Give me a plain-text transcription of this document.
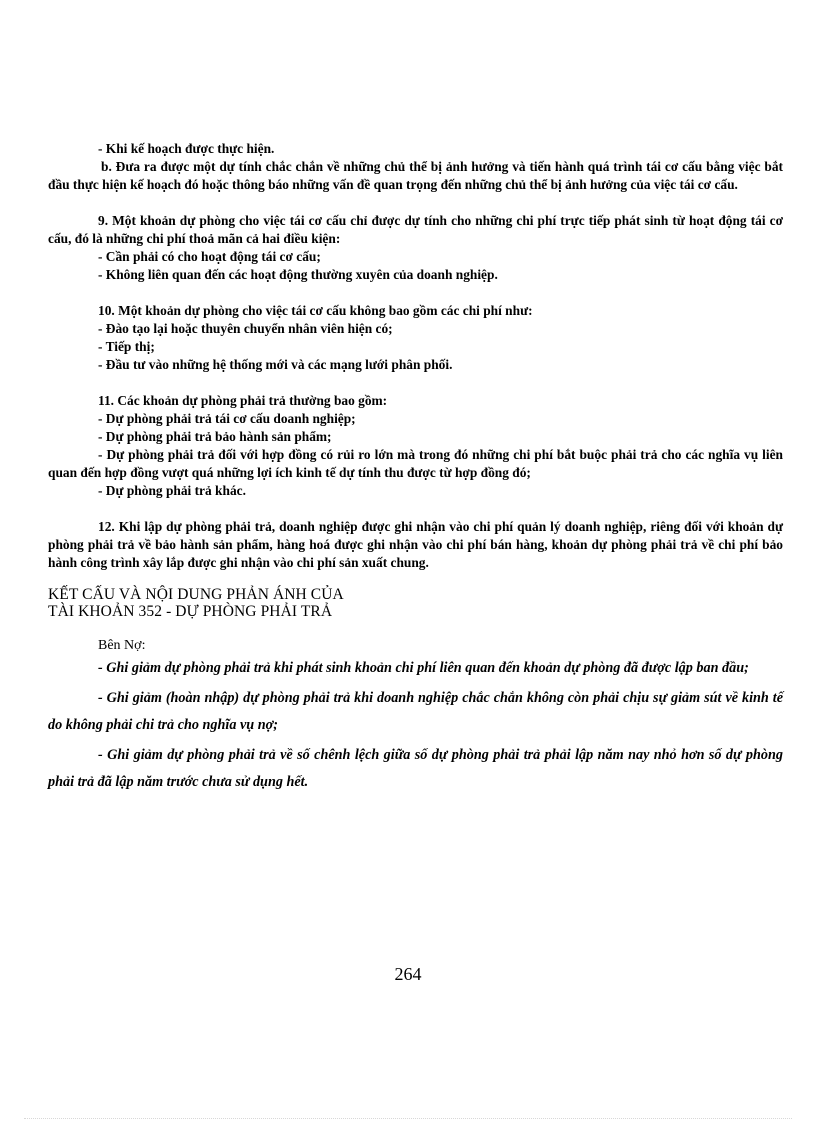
- Khi kế hoạch được thực hiện.

b. Đưa ra được một dự tính chắc chắn về những chủ thể bị ảnh hưởng và tiến hành quá trình tái cơ cấu bằng việc bắt đầu thực hiện kế hoạch đó hoặc thông báo những vấn đề quan trọng đến những chủ thể bị ảnh hưởng của việc tái cơ cấu.

9. Một khoản dự phòng cho việc tái cơ cấu chỉ được dự tính cho những chi phí trực tiếp phát sinh từ hoạt động tái cơ cấu, đó là những chi phí thoả mãn cả hai điều kiện:

- Cần phải có cho hoạt động tái cơ cấu;

- Không liên quan đến các hoạt động thường xuyên của doanh nghiệp.

10. Một khoản dự phòng cho việc tái cơ cấu không bao gồm các chi phí như:

- Đào tạo lại hoặc thuyên chuyển nhân viên hiện có;

- Tiếp thị;

- Đầu tư vào những hệ thống mới và các mạng lưới phân phối.

11. Các khoản dự phòng phải trả thường bao gồm:

- Dự phòng phải trả tái cơ cấu doanh nghiệp;

- Dự phòng phải trả bảo hành sản phẩm;

- Dự phòng phải trả đối với hợp đồng có rủi ro lớn mà trong đó những chi phí bắt buộc phải trả cho các nghĩa vụ liên quan đến hợp đồng vượt quá những lợi ích kinh tế dự tính thu được từ hợp đồng đó;

- Dự phòng phải trả khác.

12. Khi lập dự phòng phải trả, doanh nghiệp được ghi nhận vào chi phí quản lý doanh nghiệp, riêng đối với khoản dự phòng phải trả về bảo hành sản phẩm, hàng hoá được ghi nhận vào chi phí bán hàng, khoản dự phòng phải trả về chi phí bảo hành công trình xây lắp được ghi nhận vào chi phí sản xuất chung.

KẾT CẤU VÀ NỘI DUNG PHẢN ÁNH CỦA
TÀI KHOẢN 352 - DỰ PHÒNG PHẢI TRẢ

Bên Nợ:

- Ghi giảm dự phòng phải trả khi phát sinh khoản chi phí liên quan đến khoản dự phòng đã được lập ban đầu;

- Ghi giảm (hoàn nhập) dự phòng phải trả khi doanh nghiệp chắc chắn không còn phải chịu sự giảm sút về kinh tế do không phải chi trả cho nghĩa vụ nợ;

- Ghi giảm dự phòng phải trả về số chênh lệch giữa số dự phòng phải trả phải lập năm nay nhỏ hơn số dự phòng phải trả đã lập năm trước chưa sử dụng hết.

264
